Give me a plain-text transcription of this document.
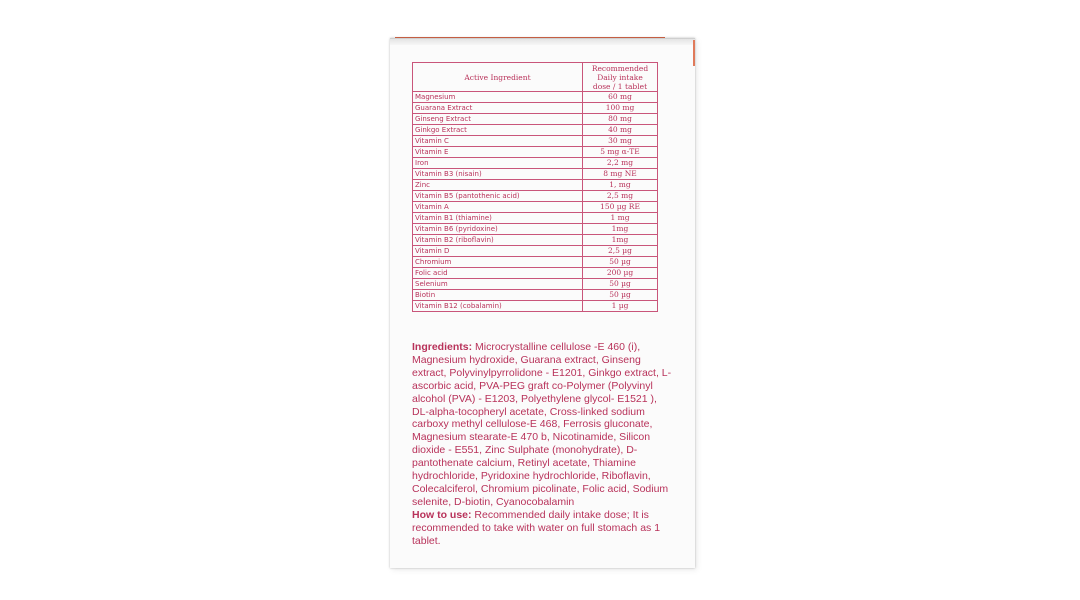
Active Ingredient	Recommended
Daily intake
dose / 1 tablet
Magnesium	60 mg
Guarana Extract	100 mg
Ginseng Extract	80 mg
Ginkgo Extract	40 mg
Vitamin C	30 mg
Vitamin E	5 mg α-TE
Iron	2,2 mg
Vitamin B3 (nisain)	8 mg NE
Zinc	1, mg
Vitamin B5 (pantothenic acid)	2,5 mg
Vitamin A	150 µg RE
Vitamin B1 (thiamine)	1 mg
Vitamin B6 (pyridoxine)	1mg
Vitamin B2 (riboflavin)	1mg
Vitamin D	2,5 µg
Chromium	50 µg
Folic acid	200 µg
Selenium	50 µg
Biotin	50 µg
Vitamin B12 (cobalamin)	1 µg
Ingredients: Microcrystalline cellulose -E 460 (i), Magnesium hydroxide, Guarana extract, Ginseng extract, Polyvinylpyrrolidone - E1201, Ginkgo extract, L-ascorbic acid, PVA-PEG graft co-Polymer (Polyvinyl alcohol (PVA) - E1203, Polyethylene glycol- E1521 ), DL-alpha-tocopheryl acetate, Cross-linked sodium carboxy methyl cellulose-E 468, Ferrosis gluconate, Magnesium stearate-E 470 b, Nicotinamide, Silicon dioxide - E551, Zinc Sulphate (monohydrate), D-pantothenate calcium, Retinyl acetate, Thiamine hydrochloride, Pyridoxine hydrochloride, Riboflavin, Colecalciferol, Chromium picolinate, Folic acid, Sodium selenite, D-biotin, Cyanocobalamin
How to use: Recommended daily intake dose; It is recommended to take with water on full stomach as 1 tablet.
